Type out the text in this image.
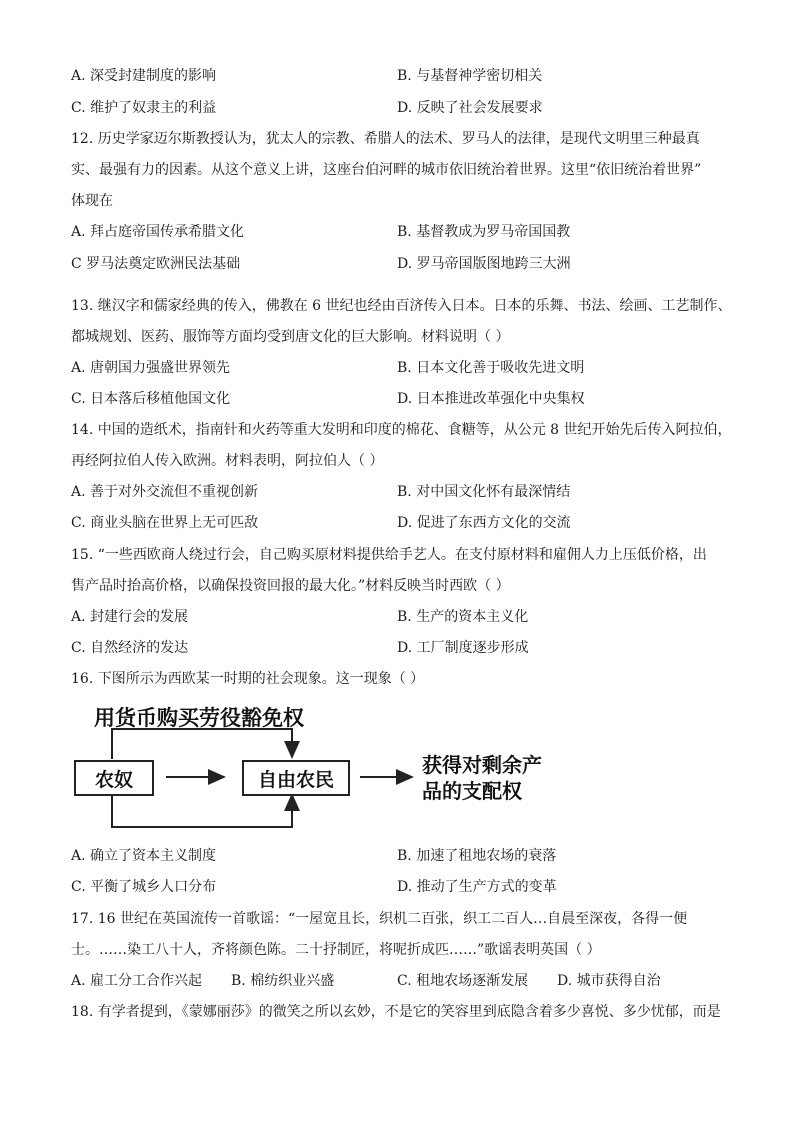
A. 深受封建制度的影响	B. 与基督神学密切相关
C. 维护了奴隶主的利益	D. 反映了社会发展要求
12. 历史学家迈尔斯教授认为，犹太人的宗教、希腊人的法术、罗马人的法律，是现代文明里三种最真
实、最强有力的因素。从这个意义上讲，这座台伯河畔的城市依旧统治着世界。这里“依旧统治着世界”
体现在
A. 拜占庭帝国传承希腊文化	B. 基督教成为罗马帝国国教
C 罗马法奠定欧洲民法基础	D. 罗马帝国版图地跨三大洲
13. 继汉字和儒家经典的传入，佛教在 6 世纪也经由百济传入日本。日本的乐舞、书法、绘画、工艺制作、
都城规划、医药、服饰等方面均受到唐文化的巨大影响。材料说明（ ）
A. 唐朝国力强盛世界领先	B. 日本文化善于吸收先进文明
C. 日本落后移植他国文化	D. 日本推进改革强化中央集权
14. 中国的造纸术，指南针和火药等重大发明和印度的棉花、食糖等，从公元 8 世纪开始先后传入阿拉伯，
再经阿拉伯人传入欧洲。材料表明，阿拉伯人（ ）
A. 善于对外交流但不重视创新	B. 对中国文化怀有最深情结
C. 商业头脑在世界上无可匹敌	D. 促进了东西方文化的交流
15. “一些西欧商人绕过行会，自己购买原材料提供给手艺人。在支付原材料和雇佣人力上压低价格，出
售产品时抬高价格，以确保投资回报的最大化。”材料反映当时西欧（ ）
A. 封建行会的发展	B. 生产的资本主义化
C. 自然经济的发达	D. 工厂制度逐步形成
16. 下图所示为西欧某一时期的社会现象。这一现象（ ）
用货币购买劳役豁免权
农奴	自由农民
获得对剩余产
品的支配权
A. 确立了资本主义制度	B. 加速了租地农场的衰落
C. 平衡了城乡人口分布	D. 推动了生产方式的变革
17. 16 世纪在英国流传一首歌谣：“一屋宽且长，织机二百张，织工二百人…自晨至深夜，各得一便
士。……染工八十人，齐将颜色陈。二十抒制匠，将呢折成匹……”歌谣表明英国（ ）
A. 雇工分工合作兴起 B. 棉纺织业兴盛	C. 租地农场逐渐发展 D. 城市获得自治
18. 有学者提到，《蒙娜丽莎》的微笑之所以玄妙，不是它的笑容里到底隐含着多少喜悦、多少忧郁，而是
